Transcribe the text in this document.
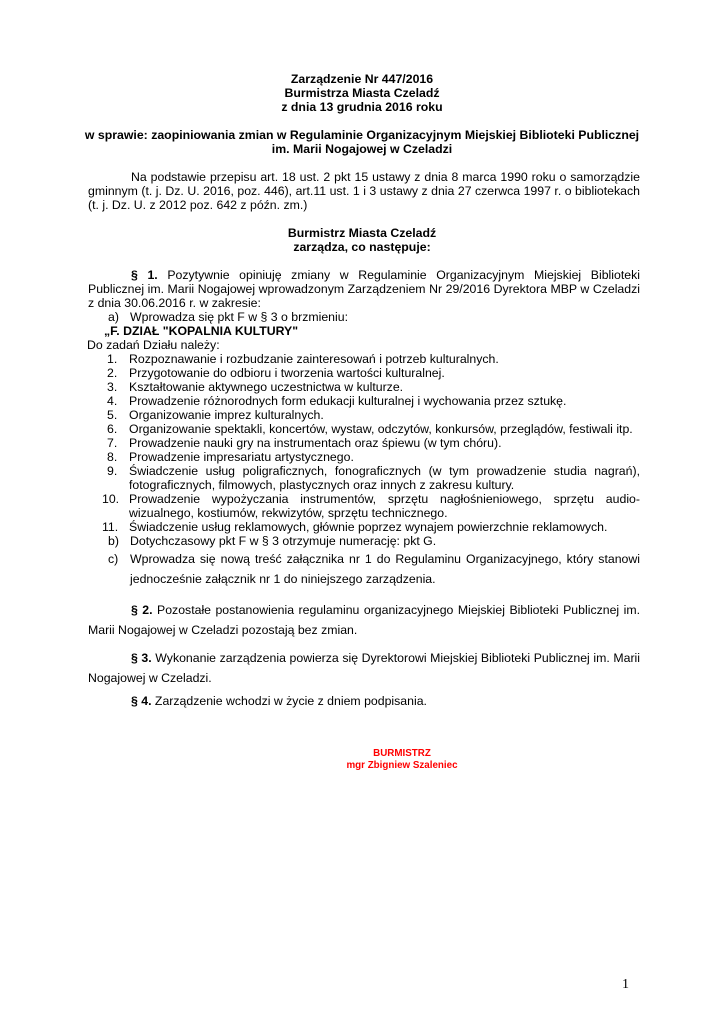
Zarządzenie Nr 447/2016
Burmistrza Miasta Czeladź
z dnia 13 grudnia 2016 roku
w sprawie: zaopiniowania zmian w Regulaminie Organizacyjnym Miejskiej Biblioteki Publicznej
im. Marii Nogajowej w Czeladzi
Na podstawie przepisu art. 18 ust. 2 pkt 15 ustawy z dnia 8 marca 1990 roku o samorządzie gminnym (t. j. Dz. U. 2016, poz. 446), art.11 ust. 1 i 3 ustawy z dnia 27 czerwca 1997 r. o bibliotekach (t. j. Dz. U. z 2012 poz. 642 z późn. zm.)
Burmistrz Miasta Czeladź
zarządza, co następuje:
§ 1. Pozytywnie opiniuję zmiany w Regulaminie Organizacyjnym Miejskiej Biblioteki Publicznej im. Marii Nogajowej wprowadzonym Zarządzeniem Nr 29/2016 Dyrektora MBP w Czeladzi z dnia 30.06.2016 r. w zakresie:
a) Wprowadza się pkt F w § 3 o brzmieniu:
„F. DZIAŁ "KOPALNIA KULTURY"
Do zadań Działu należy:
1. Rozpoznawanie i rozbudzanie zainteresowań i potrzeb kulturalnych.
2. Przygotowanie do odbioru i tworzenia wartości kulturalnej.
3. Kształtowanie aktywnego uczestnictwa w kulturze.
4. Prowadzenie różnorodnych form edukacji kulturalnej i wychowania przez sztukę.
5. Organizowanie imprez kulturalnych.
6. Organizowanie spektakli, koncertów, wystaw, odczytów, konkursów, przeglądów, festiwali itp.
7. Prowadzenie nauki gry na instrumentach oraz śpiewu (w tym chóru).
8. Prowadzenie impresariatu artystycznego.
9. Świadczenie usług poligraficznych, fonograficznych (w tym prowadzenie studia nagrań), fotograficznych, filmowych, plastycznych oraz innych z zakresu kultury.
10. Prowadzenie wypożyczania instrumentów, sprzętu nagłośnieniowego, sprzętu audio-wizualnego, kostiumów, rekwizytów, sprzętu technicznego.
11. Świadczenie usług reklamowych, głównie poprzez wynajem powierzchnie reklamowych.
b) Dotychczasowy pkt F w § 3 otrzymuje numerację: pkt G.
c) Wprowadza się nową treść załącznika nr 1 do Regulaminu Organizacyjnego, który stanowi jednocześnie załącznik nr 1 do niniejszego zarządzenia.
§ 2. Pozostałe postanowienia regulaminu organizacyjnego Miejskiej Biblioteki Publicznej im. Marii Nogajowej w Czeladzi pozostają bez zmian.
§ 3. Wykonanie zarządzenia powierza się Dyrektorowi Miejskiej Biblioteki Publicznej im. Marii Nogajowej w Czeladzi.
§ 4. Zarządzenie wchodzi w życie z dniem podpisania.
BURMISTRZ
mgr Zbigniew Szaleniec
1
